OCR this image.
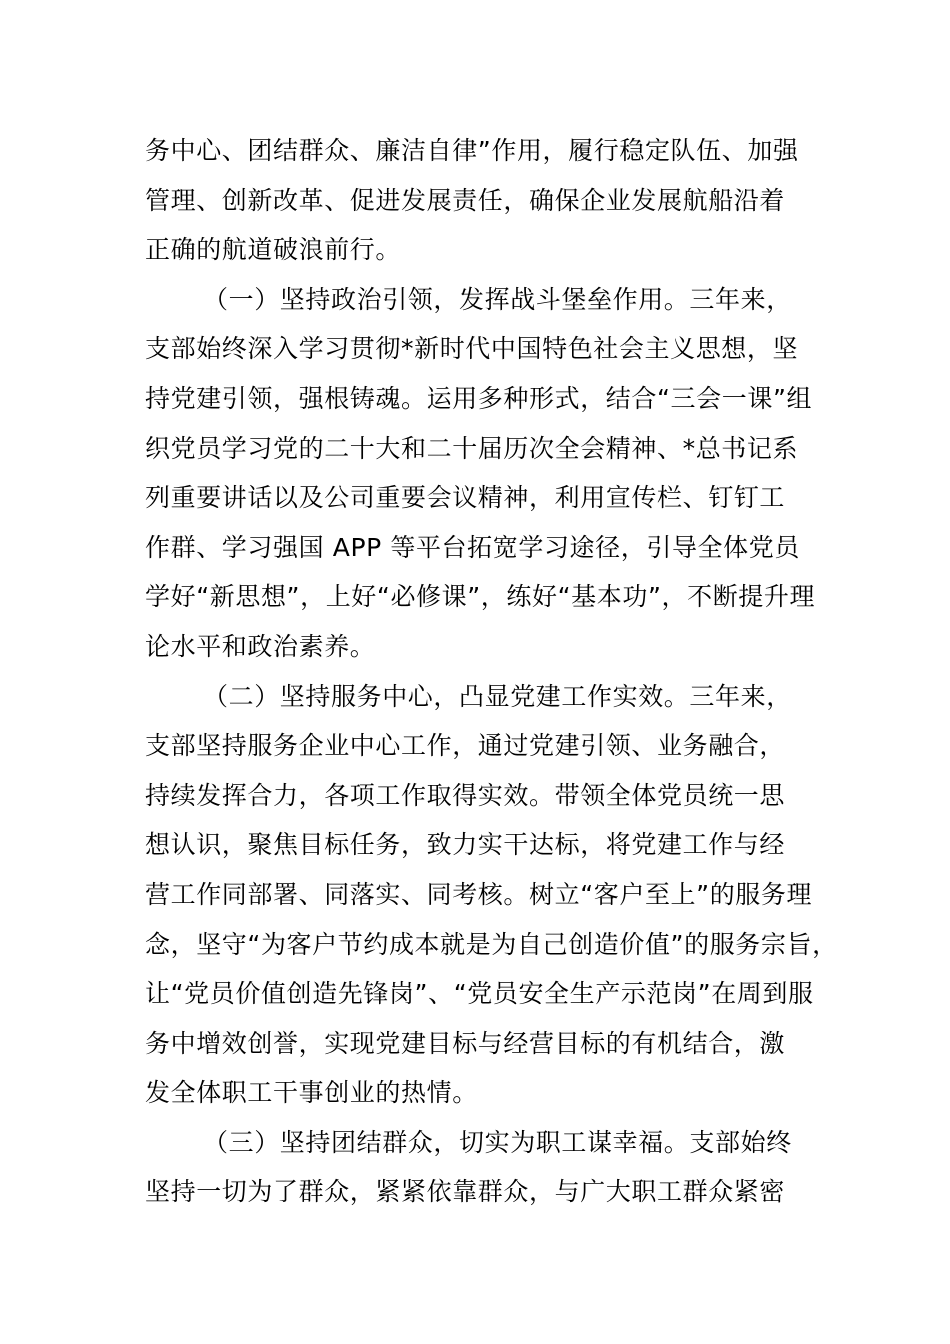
务中心、团结群众、廉洁自律”作用，履行稳定队伍、加强
管理、创新改革、促进发展责任，确保企业发展航船沿着
正确的航道破浪前行。
（一）坚持政治引领，发挥战斗堡垒作用。三年来，
支部始终深入学习贯彻*新时代中国特色社会主义思想，坚
持党建引领，强根铸魂。运用多种形式，结合“三会一课”组
织党员学习党的二十大和二十届历次全会精神、*总书记系
列重要讲话以及公司重要会议精神，利用宣传栏、钉钉工
作群、学习强国 APP 等平台拓宽学习途径，引导全体党员
学好“新思想”，上好“必修课”，练好“基本功”，不断提升理
论水平和政治素养。
（二）坚持服务中心，凸显党建工作实效。三年来，
支部坚持服务企业中心工作，通过党建引领、业务融合，
持续发挥合力，各项工作取得实效。带领全体党员统一思
想认识，聚焦目标任务，致力实干达标，将党建工作与经
营工作同部署、同落实、同考核。树立“客户至上”的服务理
念，坚守“为客户节约成本就是为自己创造价值”的服务宗旨，
让“党员价值创造先锋岗”、“党员安全生产示范岗”在周到服
务中增效创誉，实现党建目标与经营目标的有机结合，激
发全体职工干事创业的热情。
（三）坚持团结群众，切实为职工谋幸福。支部始终
坚持一切为了群众，紧紧依靠群众，与广大职工群众紧密
